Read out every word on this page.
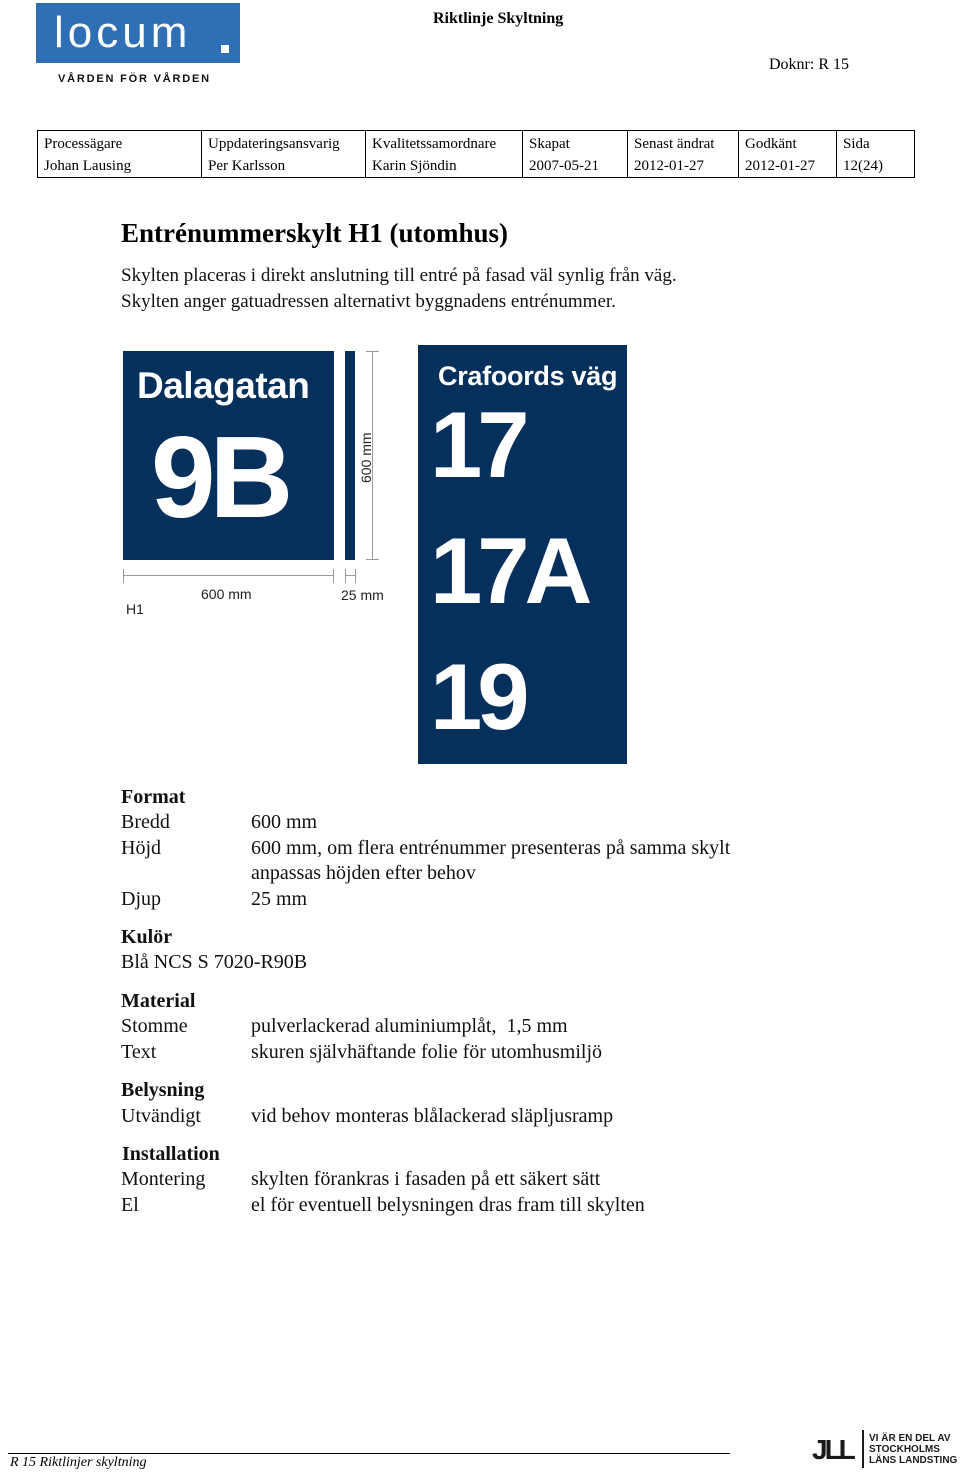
locum
VÅRDEN FÖR VÅRDEN
Riktlinje Skyltning
Doknr: R 15
Processägare
Johan Lausing

Uppdateringsansvarig
Per Karlsson

Kvalitetssamordnare
Karin Sjöndin

Skapat
2007-05-21

Senast ändrat
2012-01-27

Godkänt
2012-01-27

Sida
12(24)
Entrénummerskylt H1 (utomhus)
Skylten placeras i direkt anslutning till entré på fasad väl synlig från väg.
Skylten anger gatuadressen alternativt byggnadens entrénummer.
Dalagatan
9B
600 mm	25 mm
600 mm
H1
Crafoords väg
17
17A
19
Format
Bredd	600 mm
Höjd	600 mm, om flera entrénummer presenteras på samma skylt
anpassas höjden efter behov
Djup	25 mm
Kulör
Blå NCS S 7020-R90B
Material
Stomme	pulverlackerad aluminiumplåt,  1,5 mm
Text	skuren självhäftande folie för utomhusmiljö
Belysning
Utvändigt	vid behov monteras blålackerad släpljusramp
Installation
Montering skylten förankras i fasaden på ett säkert sätt
El	el för eventuell belysningen dras fram till skylten
R 15 Riktlinjer skyltning	JLL VI ÄR EN DEL AV
STOCKHOLMS
LÄNS LANDSTING
